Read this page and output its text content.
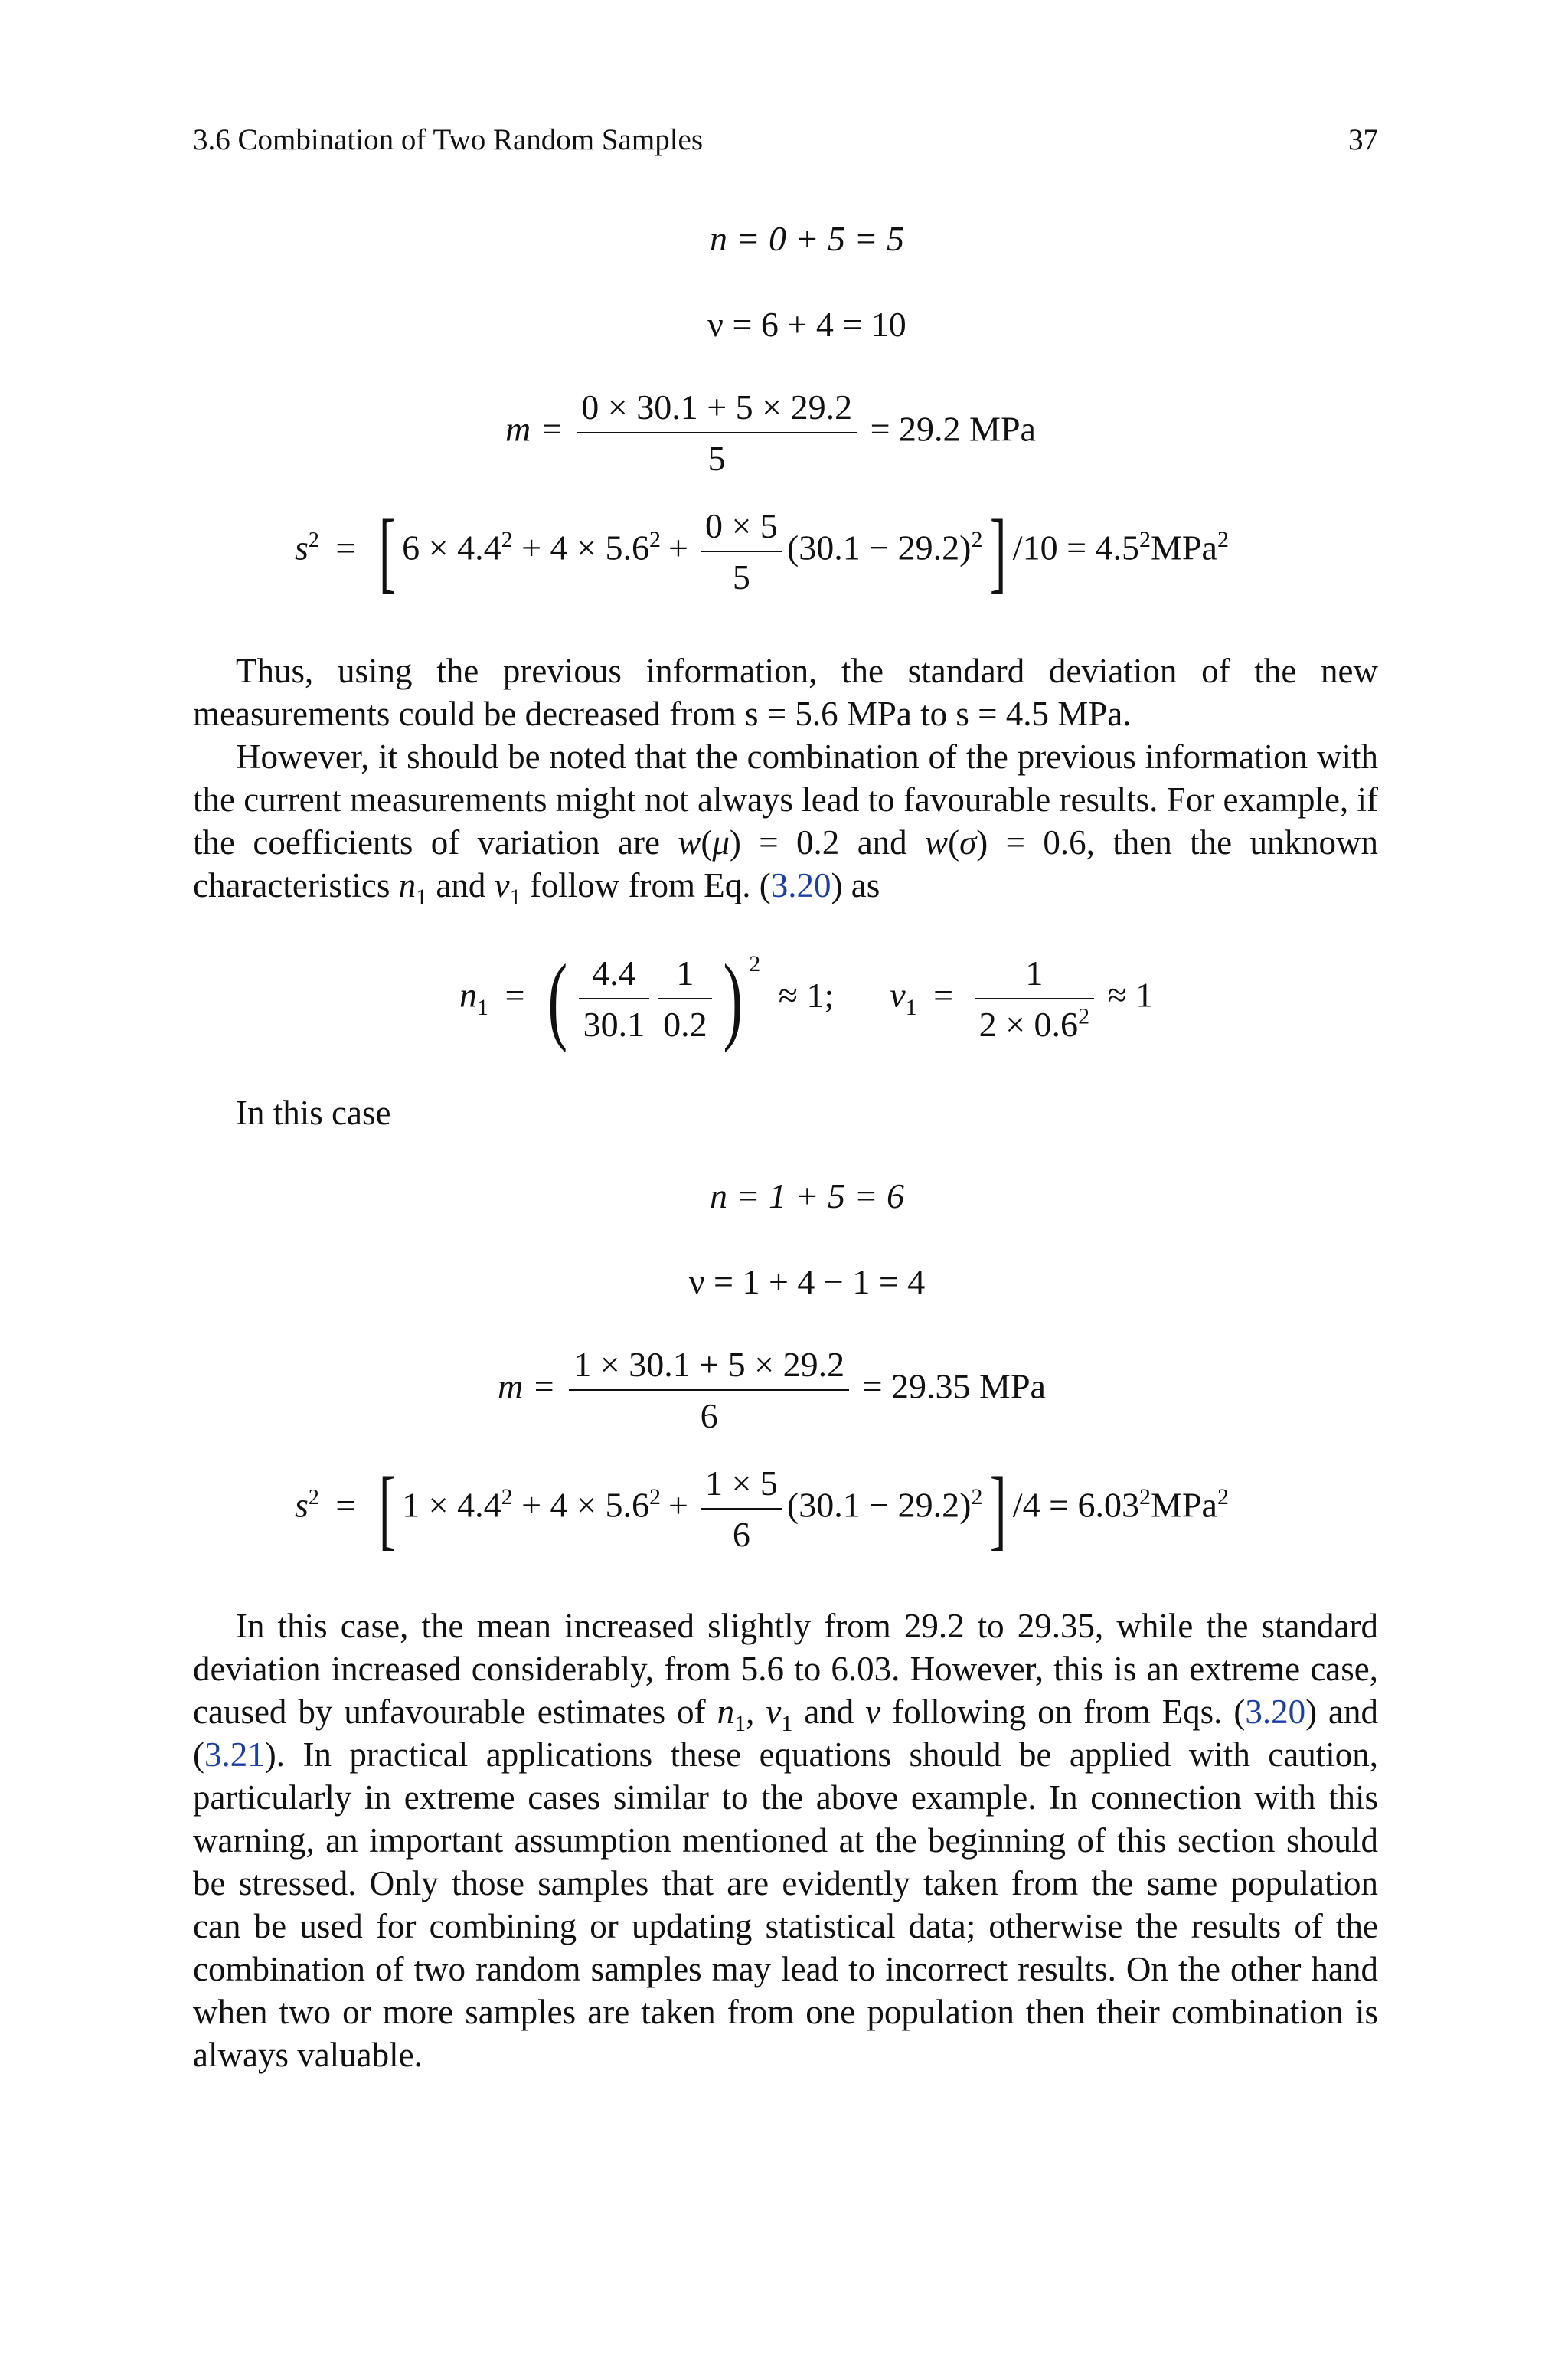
3.6 Combination of Two Random Samples	37
n = 0 + 5 = 5
ν = 6 + 4 = 10
$m = \frac{0 \times 30.1 + 5 \times 29.2}{5} = 29.2$ MPa
$s^2$ = [ $6 \times 4.4^2 + 4 \times 5.6^2 + \frac{0 \times 5}{5} (30.1 - 29.2)^2$] $/10 = 4.5^2MPa^2$

Thus, using the previous information, the standard deviation of the new measurements could be decreased from s = 5.6 MPa to s = 4.5 MPa.

However, it should be noted that the combination of the previous information with the current measurements might not always lead to favourable results. For example, if the coefficients of variation are w(μ) = 0.2 and w(σ) = 0.6, then the unknown characteristics $n_1$ and $\nu_1$ follow from Eq. (3.20) as

$n_1$ = ( $\frac{4.4}{30.1} \frac{1}{0.2}$ ) $^2$ ≈ 1; $\nu_1 = \frac{1}{2 \times 0.6^2} \approx 1$

In this case

n = 1 + 5 = 6
ν = 1 + 4 − 1 = 4
$m = \frac{1 \times 30.1 + 5 \times 29.2}{6} = 29.35$ MPa
$s^2$ = [ $1 \times 4.4^2 + 4 \times 5.6^2 + \frac{1 \times 5}{6} (30.1 - 29.2)^2$] $/4 = 6.03^2MPa^2$

In this case, the mean increased slightly from 29.2 to 29.35, while the standard deviation increased considerably, from 5.6 to 6.03. However, this is an extreme case, caused by unfavourable estimates of $n_1$, $\nu_1$ and ν following on from Eqs. (3.20) and (3.21). In practical applications these equations should be applied with caution, particularly in extreme cases similar to the above example. In connection with this warning, an important assumption mentioned at the beginning of this section should be stressed. Only those samples that are evidently taken from the same population can be used for combining or updating statistical data; otherwise the results of the combination of two random samples may lead to incorrect results. On the other hand when two or more samples are taken from one population then their combination is always valuable.
